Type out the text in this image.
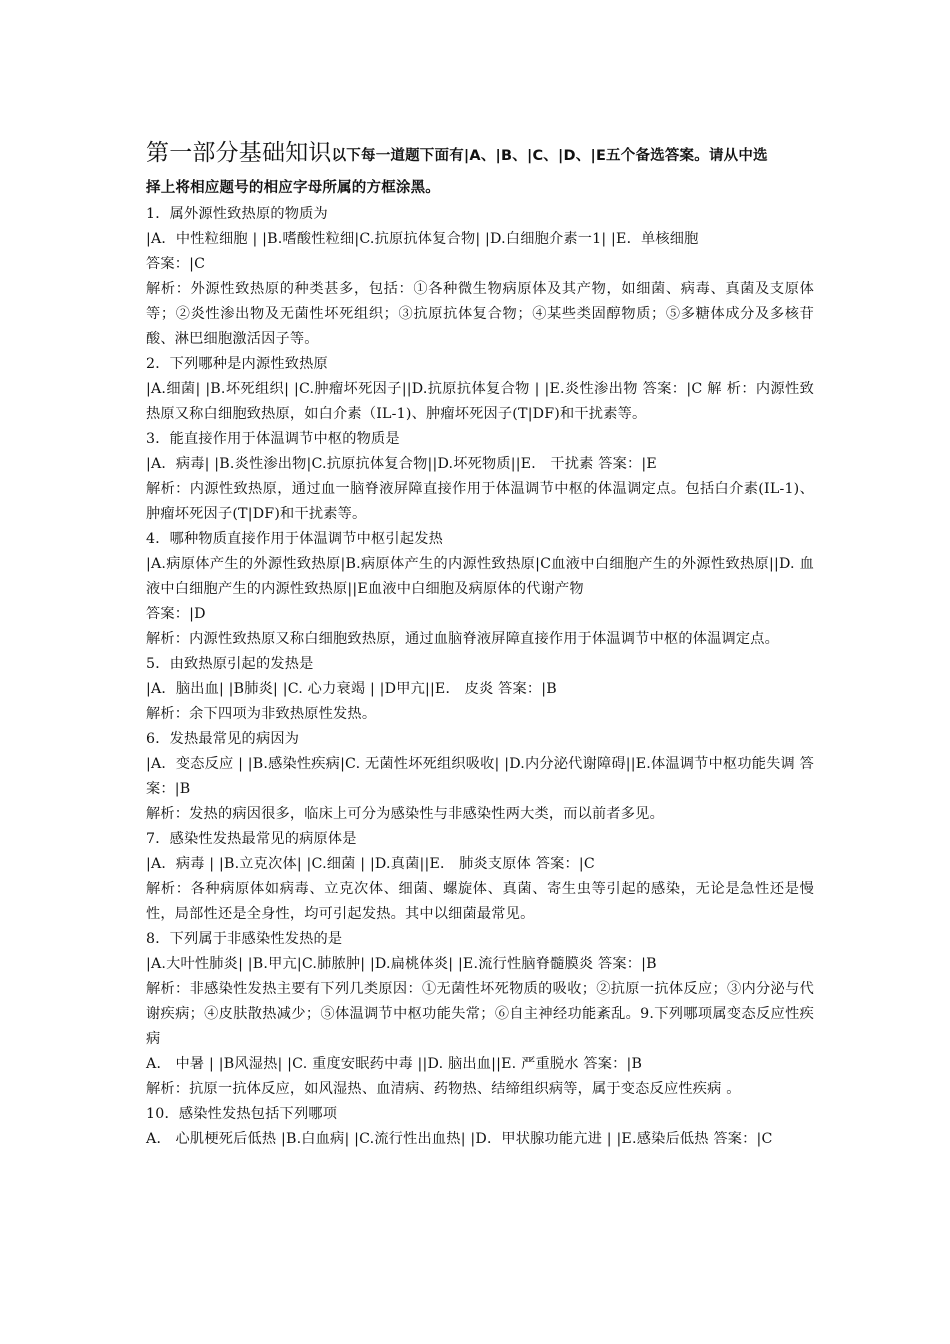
第一部分基础知识以下每一道题下面有|A、|B、|C、|D、|E五个备选答案。请从中选
择上将相应题号的相应字母所属的方框涂黑。
1．属外源性致热原的物质为
|A．中性粒细胞 | |B.嗜酸性粒细|C.抗原抗体复合物| |D.白细胞介素一1| |E．单核细胞
答案：|C
解析：外源性致热原的种类甚多，包括：①各种微生物病原体及其产物，如细菌、病毒、真菌及支原体等；②炎性渗出物及无菌性坏死组织；③抗原抗体复合物；④某些类固醇物质；⑤多糖体成分及多核苷酸、淋巴细胞激活因子等。
2．下列哪种是内源性致热原
|A.细菌| |B.坏死组织| |C.肿瘤坏死因子||D.抗原抗体复合物 | |E.炎性渗出物 答案：|C 解 析：内源性致热原又称白细胞致热原，如白介素（IL-1)、肿瘤坏死因子(T|DF)和干扰素等。
3．能直接作用于体温调节中枢的物质是
|A．病毒| |B.炎性渗出物|C.抗原抗体复合物||D.坏死物质||E． 干扰素 答案：|E
解析：内源性致热原，通过血一脑脊液屏障直接作用于体温调节中枢的体温调定点。包括白介素(IL-1)、肿瘤坏死因子(T|DF)和干扰素等。
4．哪种物质直接作用于体温调节中枢引起发热
|A.病原体产生的外源性致热原|B.病原体产生的内源性致热原|C血液中白细胞产生的外源性致热原||D. 血液中白细胞产生的内源性致热原||E血液中白细胞及病原体的代谢产物
答案：|D
解析：内源性致热原又称白细胞致热原，通过血脑脊液屏障直接作用于体温调节中枢的体温调定点。
5．由致热原引起的发热是
|A．脑出血| |B肺炎| |C. 心力衰竭 | |D甲亢||E． 皮炎 答案：|B
解析：余下四项为非致热原性发热。
6．发热最常见的病因为
|A．变态反应 | |B.感染性疾病|C. 无菌性坏死组织吸收| |D.内分泌代谢障碍||E.体温调节中枢功能失调 答案：|B
解析：发热的病因很多，临床上可分为感染性与非感染性两大类，而以前者多见。
7．感染性发热最常见的病原体是
|A．病毒 | |B.立克次体| |C.细菌 | |D.真菌||E． 肺炎支原体 答案：|C
解析：各种病原体如病毒、立克次体、细菌、螺旋体、真菌、寄生虫等引起的感染，无论是急性还是慢性，局部性还是全身性，均可引起发热。其中以细菌最常见。
8．下列属于非感染性发热的是
|A.大叶性肺炎| |B.甲亢|C.肺脓肿| |D.扁桃体炎| |E.流行性脑脊髓膜炎 答案：|B
解析：非感染性发热主要有下列几类原因：①无菌性坏死物质的吸收；②抗原一抗体反应；③内分泌与代谢疾病；④皮肤散热减少；⑤体温调节中枢功能失常；⑥自主神经功能紊乱。9.下列哪项属变态反应性疾病
A． 中暑 | |B风湿热| |C. 重度安眠药中毒 ||D. 脑出血||E. 严重脱水 答案：|B
解析：抗原一抗体反应，如风湿热、血清病、药物热、结缔组织病等，属于变态反应性疾病 。
10．感染性发热包括下列哪项
A． 心肌梗死后低热 |B.白血病| |C.流行性出血热| |D．甲状腺功能亢进 | |E.感染后低热 答案：|C
